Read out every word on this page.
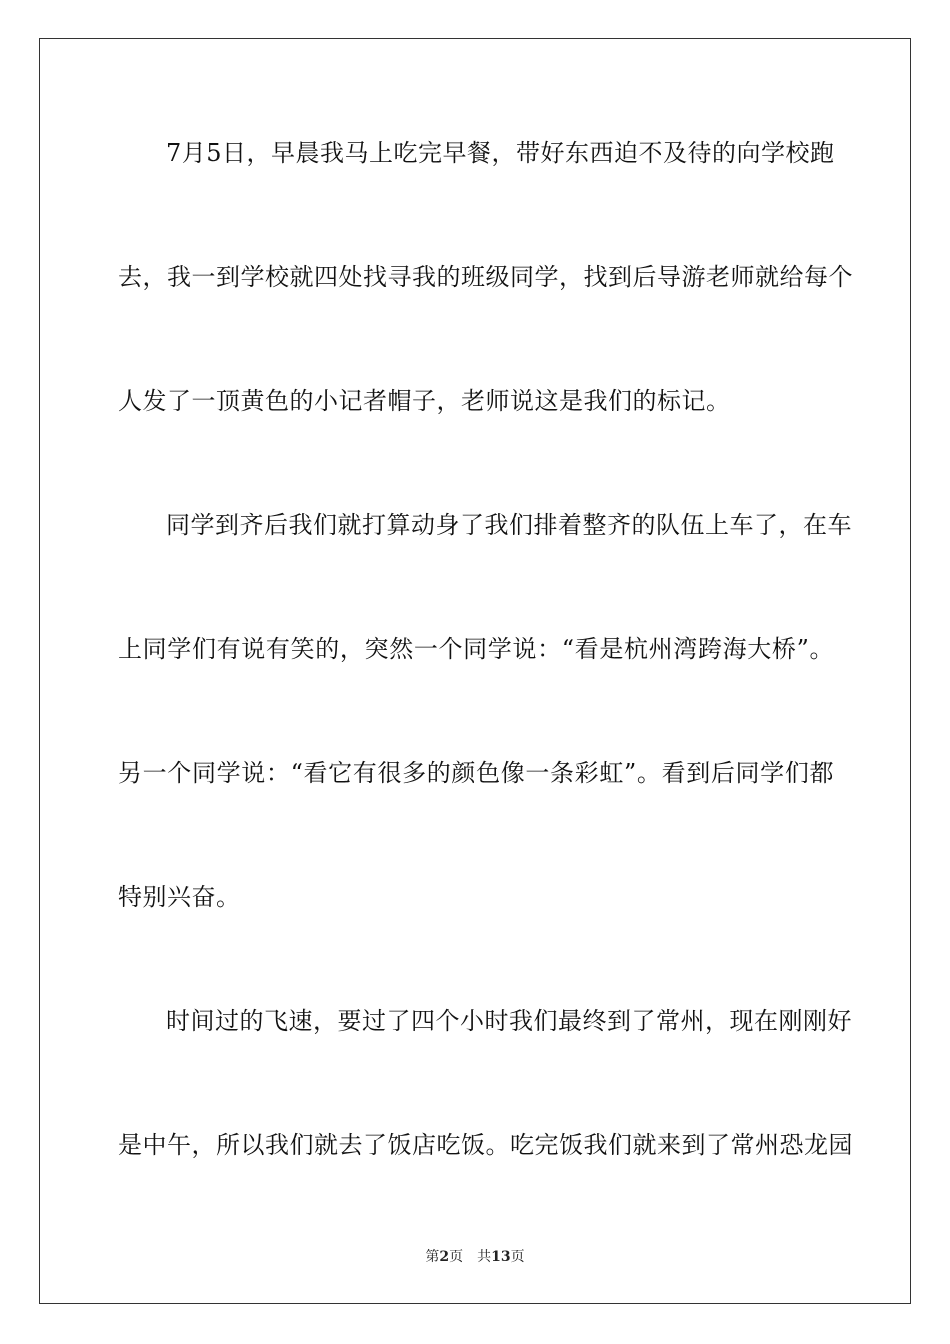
7月5日，早晨我马上吃完早餐，带好东西迫不及待的向学校跑
去，我一到学校就四处找寻我的班级同学，找到后导游老师就给每个
人发了一顶黄色的小记者帽子，老师说这是我们的标记。
同学到齐后我们就打算动身了我们排着整齐的队伍上车了，在车
上同学们有说有笑的，突然一个同学说：“看是杭州湾跨海大桥”。
另一个同学说：“看它有很多的颜色像一条彩虹”。看到后同学们都
特别兴奋。
时间过的飞速，要过了四个小时我们最终到了常州，现在刚刚好
是中午，所以我们就去了饭店吃饭。吃完饭我们就来到了常州恐龙园
第2页 共13页
